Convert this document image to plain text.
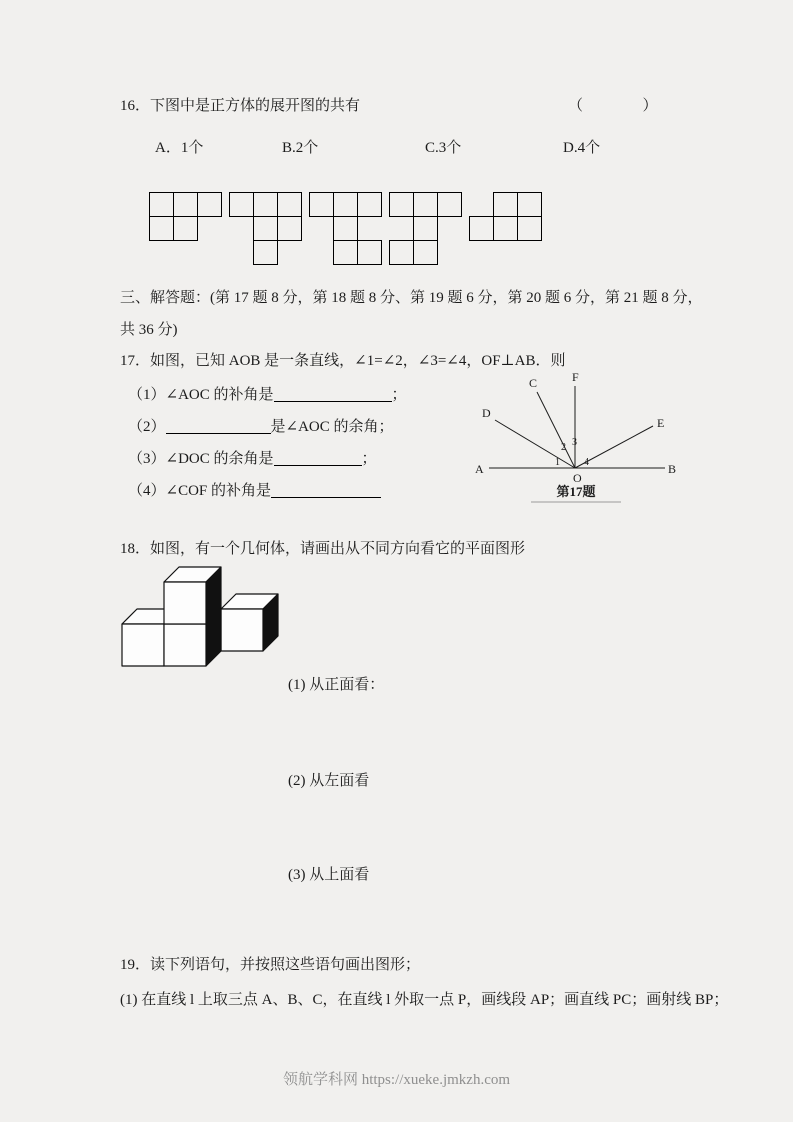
16．下图中是正方体的展开图的共有	（          ）
A．1个	B.2个	C.3个	D.4个
三、解答题：(第 17 题 8 分，第 18 题 8 分、第 19 题 6 分，第 20 题 6 分，第 21 题 8 分，
共 36 分)
17．如图，已知 AOB 是一条直线，∠1=∠2，∠3=∠4，OF⊥AB．则
（1）∠AOC 的补角是	；
（2）	是∠AOC 的余角；
（3）∠DOC 的余角是	；
（4）∠COF 的补角是
A	B
C
D
E
F
O
1
2 3
4
第17题
18．如图，有一个几何体，请画出从不同方向看它的平面图形
(1) 从正面看：
(2) 从左面看
(3) 从上面看
19．读下列语句，并按照这些语句画出图形；
(1) 在直线 l 上取三点 A、B、C，在直线 l 外取一点 P，画线段 AP；画直线 PC；画射线 BP；
领航学科网 https://xueke.jmkzh.com
